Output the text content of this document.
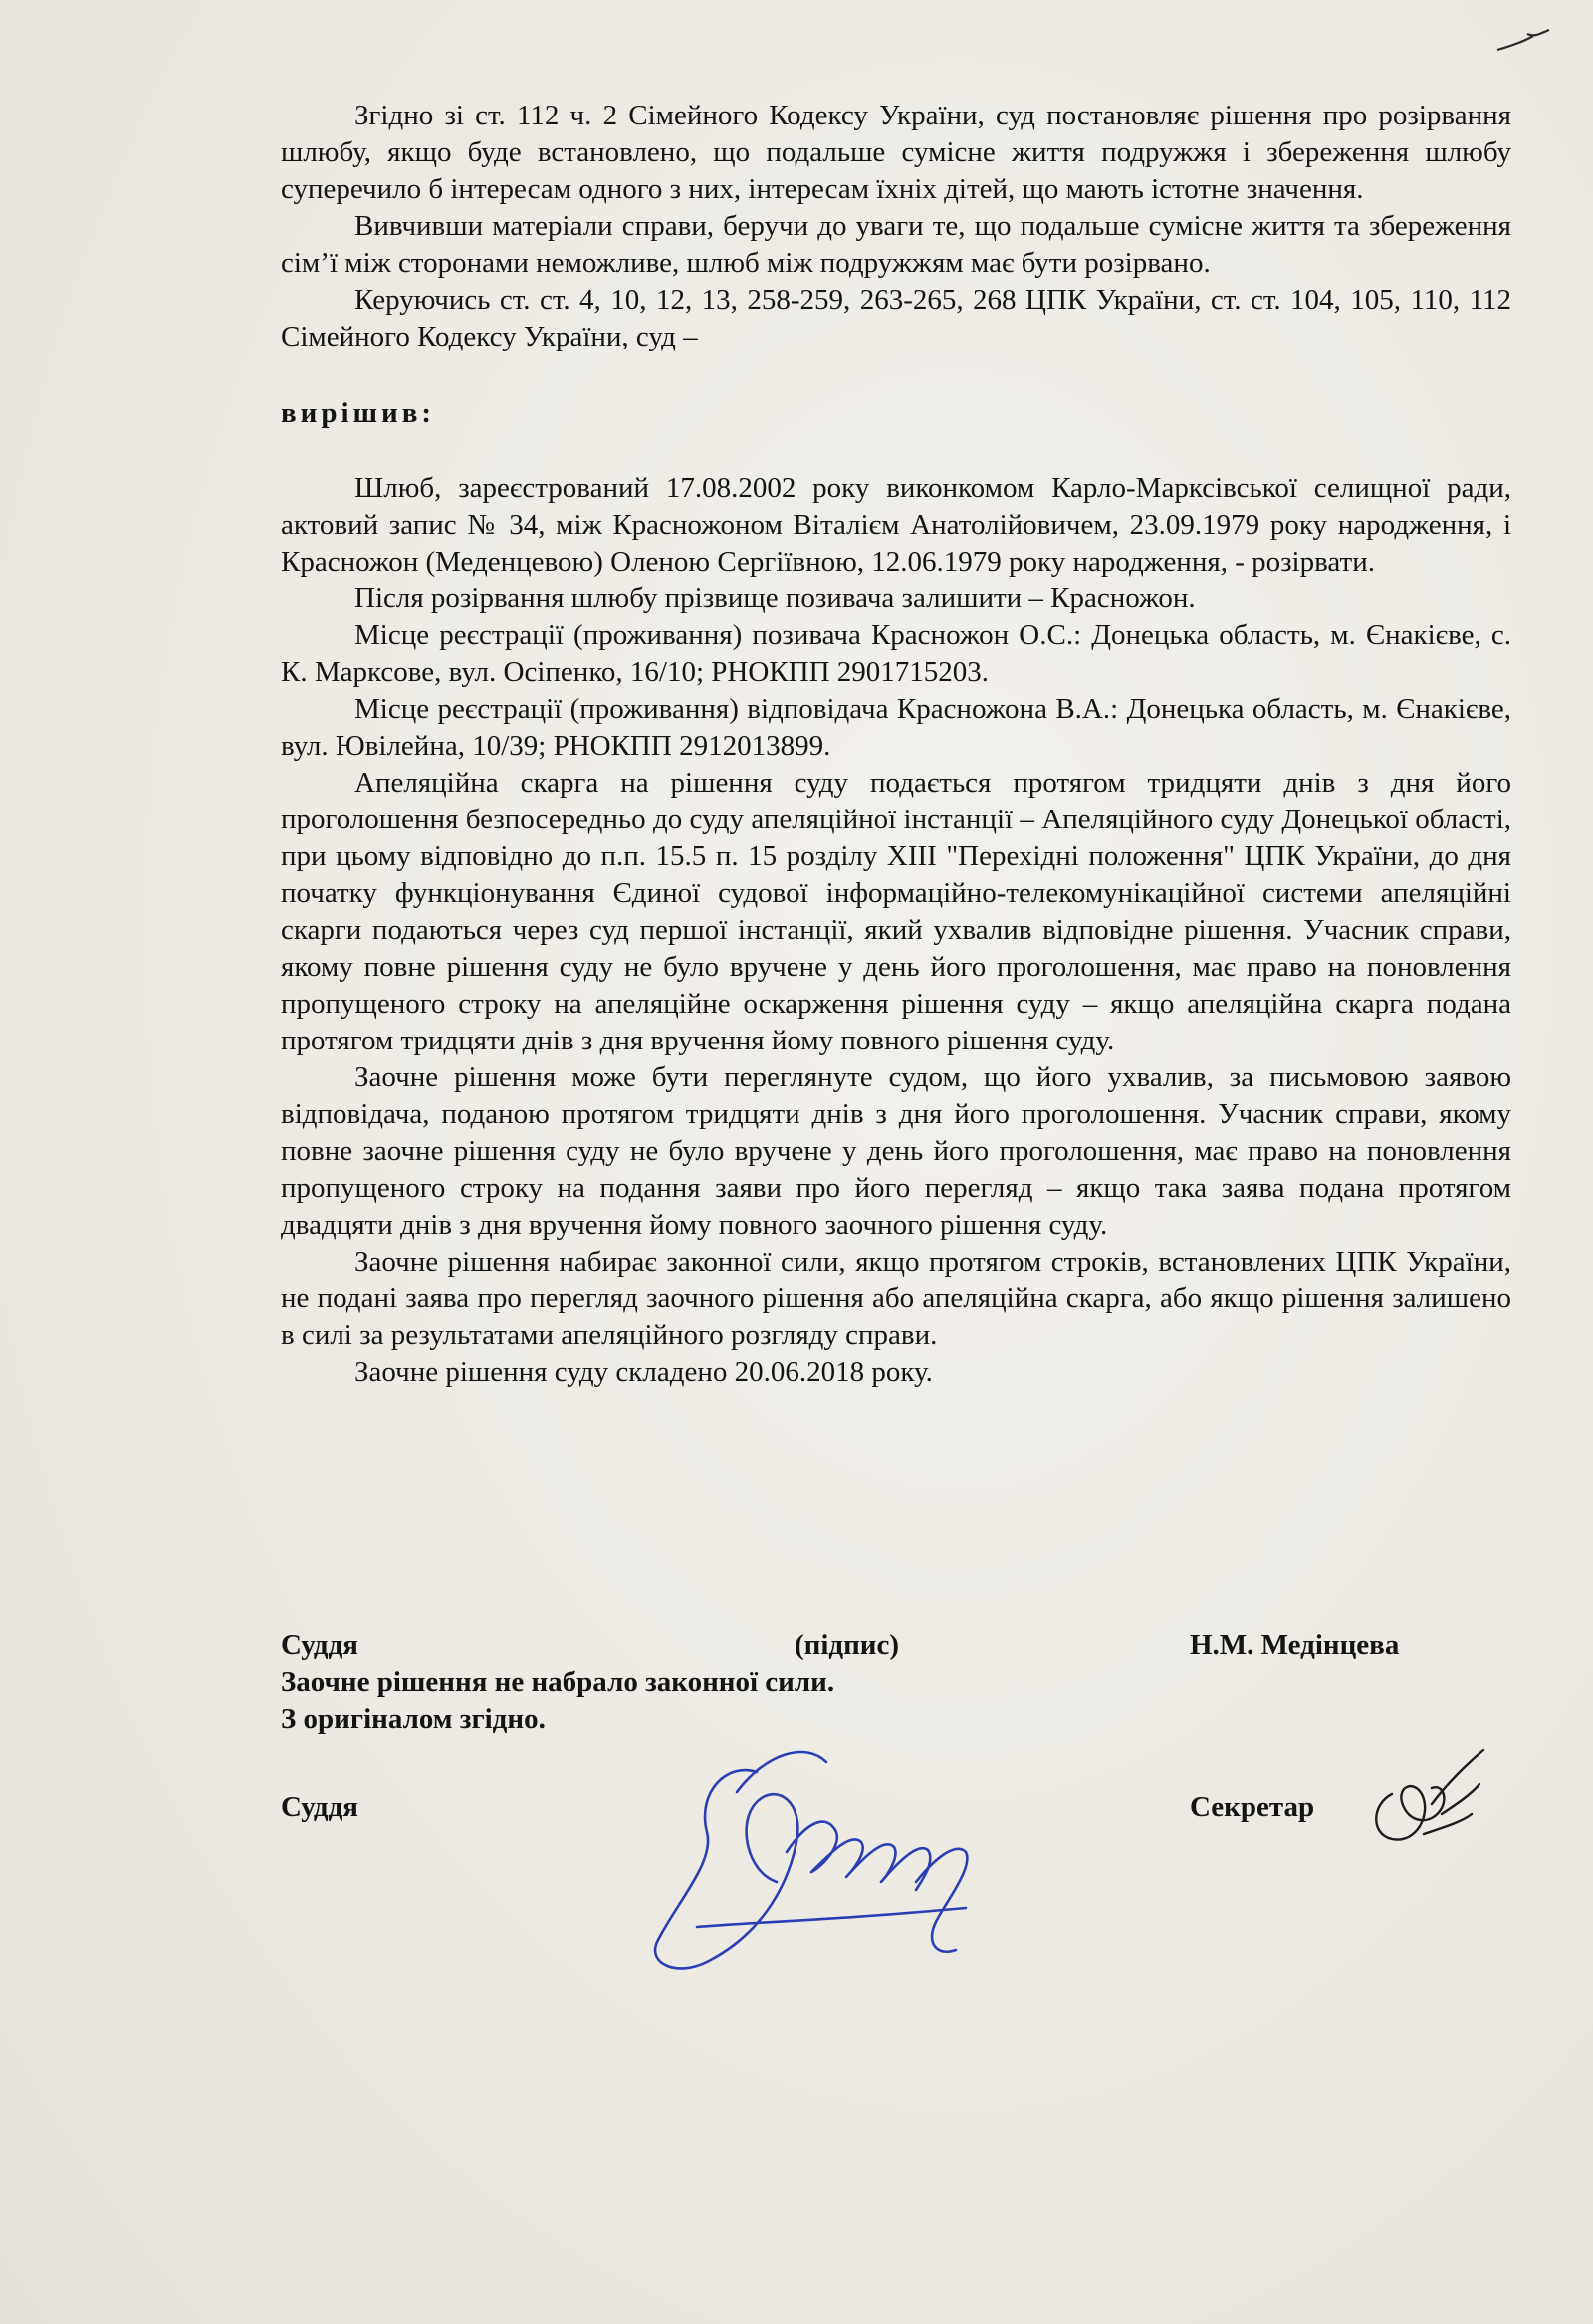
Згідно зі ст. 112 ч. 2 Сімейного Кодексу України, суд постановляє рішення про розірвання шлюбу, якщо буде встановлено, що подальше сумісне життя подружжя і збереження шлюбу суперечило б інтересам одного з них, інтересам їхніх дітей, що мають істотне значення.

Вивчивши матеріали справи, беручи до уваги те, що подальше сумісне життя та збереження сім’ї між сторонами неможливе, шлюб між подружжям має бути розірвано.

Керуючись ст. ст. 4, 10, 12, 13, 258-259, 263-265, 268 ЦПК України, ст. ст. 104, 105, 110, 112 Сімейного Кодексу України, суд –

вирішив:

Шлюб, зареєстрований 17.08.2002 року виконкомом Карло-Марксівської селищної ради, актовий запис № 34, між Красножоном Віталієм Анатолійовичем, 23.09.1979 року народження, і Красножон (Меденцевою) Оленою Сергіївною, 12.06.1979 року народження, - розірвати.

Після розірвання шлюбу прізвище позивача залишити – Красножон.

Місце реєстрації (проживання) позивача Красножон О.С.: Донецька область, м. Єнакієве, с. К. Марксове, вул. Осіпенко, 16/10; РНОКПП 2901715203.

Місце реєстрації (проживання) відповідача Красножона В.А.: Донецька область, м. Єнакієве, вул. Ювілейна, 10/39; РНОКПП 2912013899.

Апеляційна скарга на рішення суду подається протягом тридцяти днів з дня його проголошення безпосередньо до суду апеляційної інстанції – Апеляційного суду Донецької області, при цьому відповідно до п.п. 15.5 п. 15 розділу ХІІІ "Перехідні положення" ЦПК України, до дня початку функціонування Єдиної судової інформаційно-телекомунікаційної системи апеляційні скарги подаються через суд першої інстанції, який ухвалив відповідне рішення. Учасник справи, якому повне рішення суду не було вручене у день його проголошення, має право на поновлення пропущеного строку на апеляційне оскарження рішення суду – якщо апеляційна скарга подана протягом тридцяти днів з дня вручення йому повного рішення суду.

Заочне рішення може бути переглянуте судом, що його ухвалив, за письмовою заявою відповідача, поданою протягом тридцяти днів з дня його проголошення. Учасник справи, якому повне заочне рішення суду не було вручене у день його проголошення, має право на поновлення пропущеного строку на подання заяви про його перегляд – якщо така заява подана протягом двадцяти днів з дня вручення йому повного заочного рішення суду.

Заочне рішення набирає законної сили, якщо протягом строків, встановлених ЦПК України, не подані заява про перегляд заочного рішення або апеляційна скарга, або якщо рішення залишено в силі за результатами апеляційного розгляду справи.

Заочне рішення суду складено 20.06.2018 року.

Суддя	(підпис)	Н.М. Медінцева
Заочне рішення не набрало законної сили.
З оригіналом згідно.
Суддя	Секретар
